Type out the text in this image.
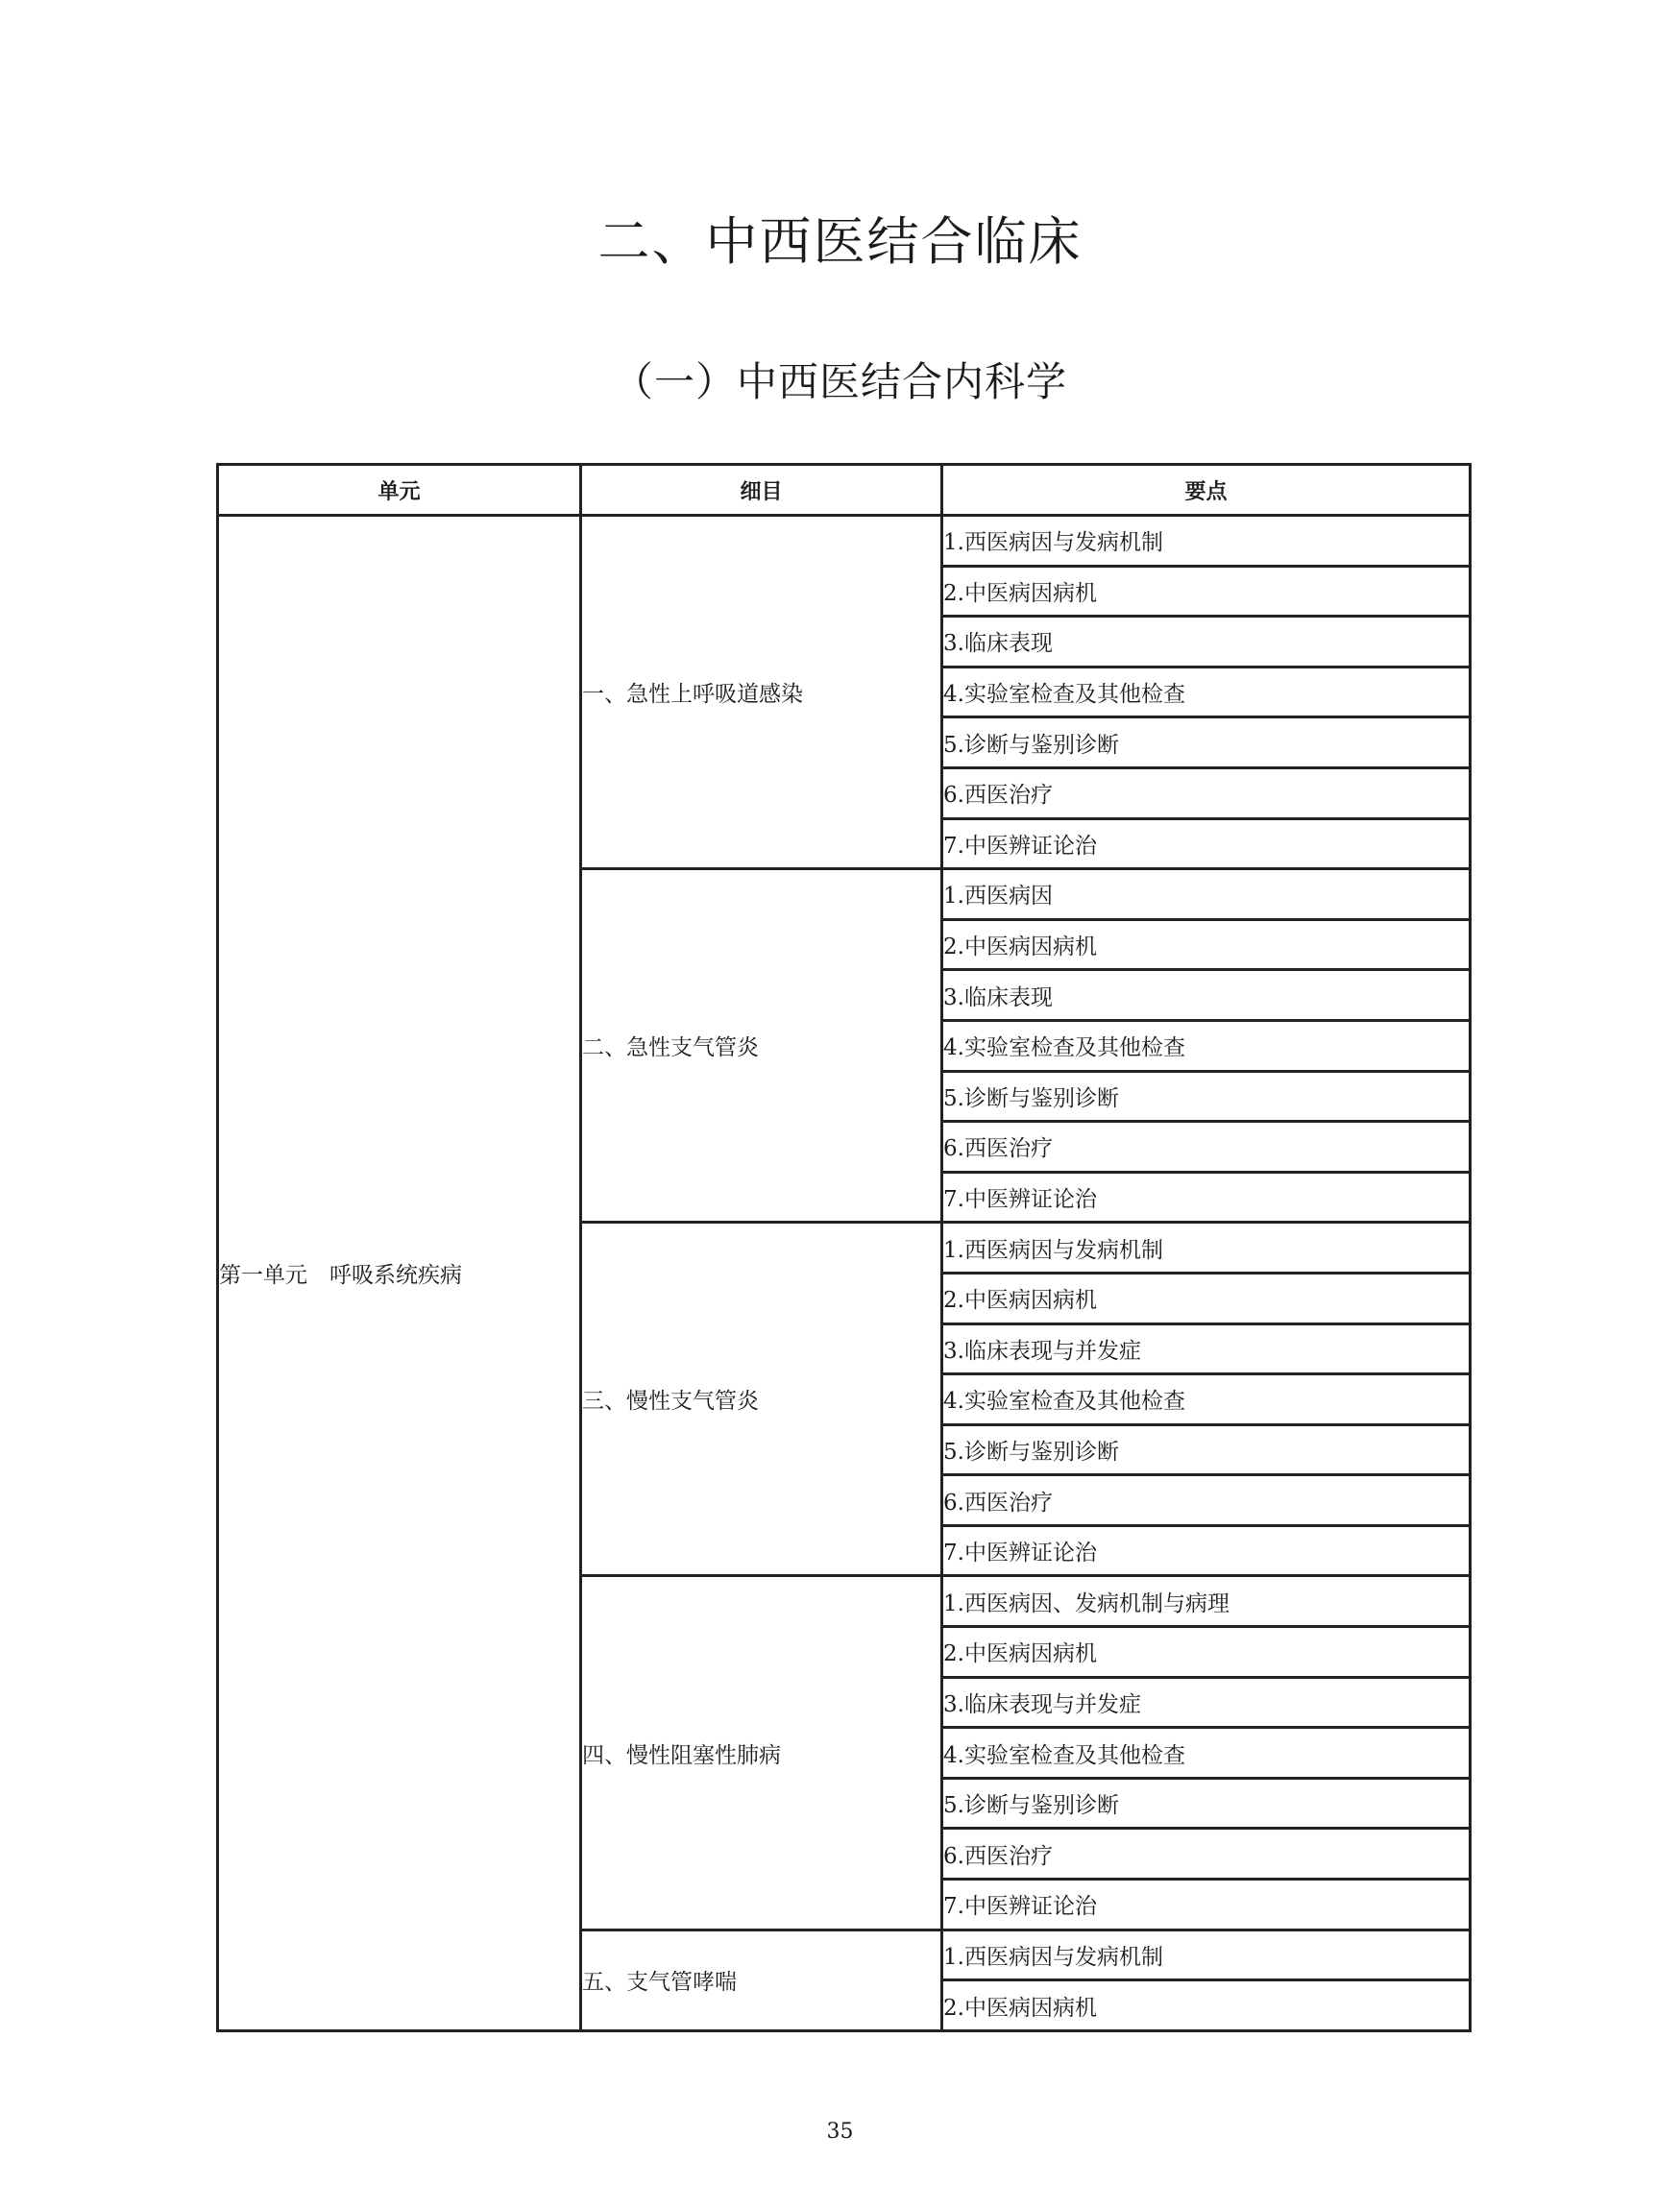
二、中西医结合临床
（一）中西医结合内科学
单元	细目	要点
第一单元　呼吸系统疾病	一、急性上呼吸道感染	1.西医病因与发病机制
		2.中医病因病机
		3.临床表现
		4.实验室检查及其他检查
		5.诊断与鉴别诊断
		6.西医治疗
		7.中医辨证论治
	二、急性支气管炎	1.西医病因
		2.中医病因病机
		3.临床表现
		4.实验室检查及其他检查
		5.诊断与鉴别诊断
		6.西医治疗
		7.中医辨证论治
	三、慢性支气管炎	1.西医病因与发病机制
		2.中医病因病机
		3.临床表现与并发症
		4.实验室检查及其他检查
		5.诊断与鉴别诊断
		6.西医治疗
		7.中医辨证论治
	四、慢性阻塞性肺病	1.西医病因、发病机制与病理
		2.中医病因病机
		3.临床表现与并发症
		4.实验室检查及其他检查
		5.诊断与鉴别诊断
		6.西医治疗
		7.中医辨证论治
	五、支气管哮喘	1.西医病因与发病机制
		2.中医病因病机
35
